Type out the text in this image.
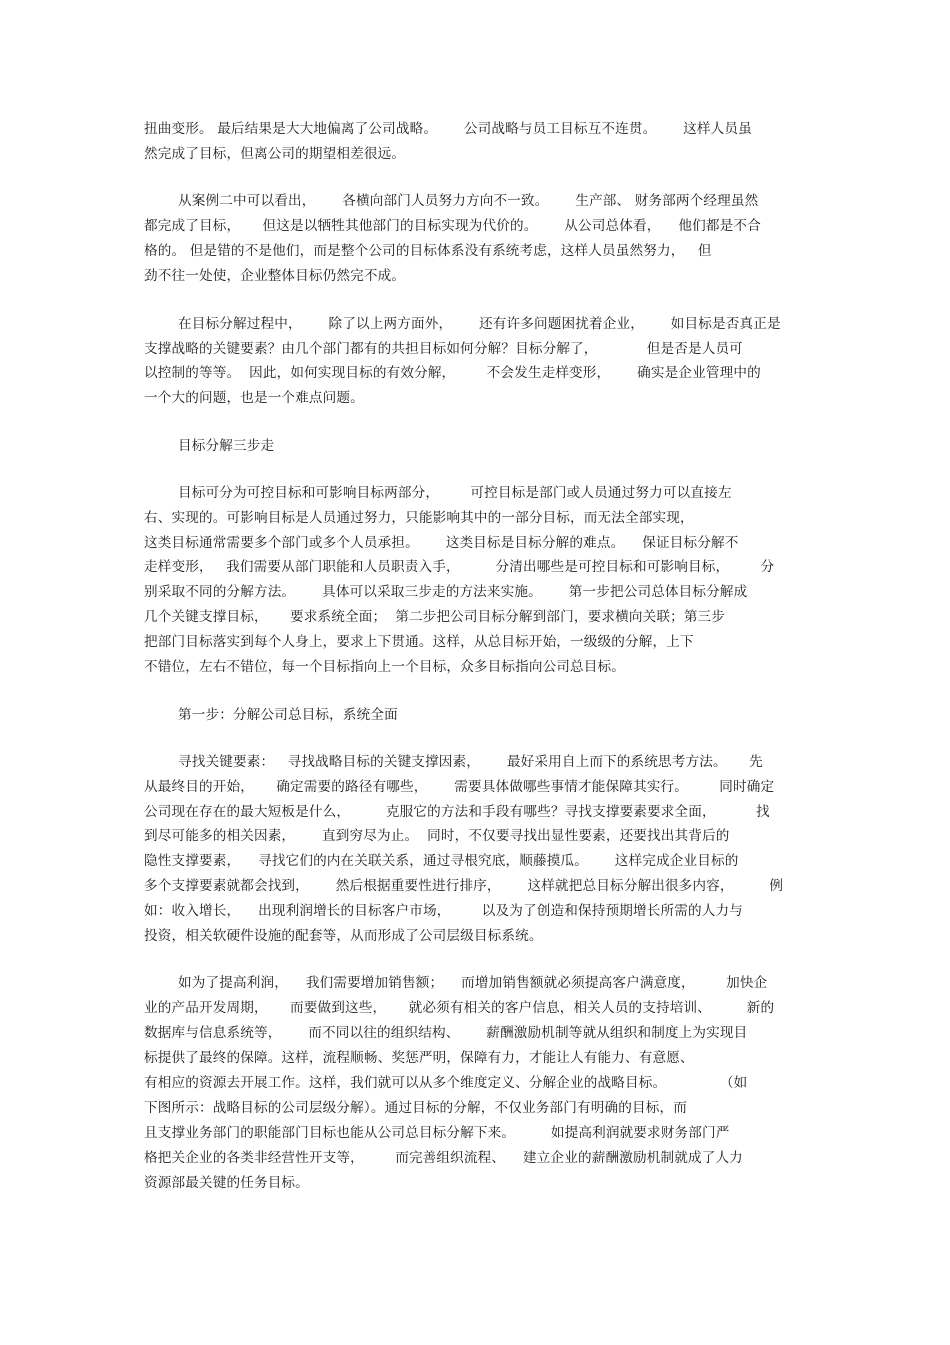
扭曲变形。 最后结果是大大地偏离了公司战略。      公司战略与员工目标互不连贯。      这样人员虽
然完成了目标，但离公司的期望相差很远。
从案例二中可以看出，      各横向部门人员努力方向不一致。      生产部、 财务部两个经理虽然
都完成了目标，     但这是以牺牲其他部门的目标实现为代价的。      从公司总体看，    他们都是不合
格的。 但是错的不是他们，而是整个公司的目标体系没有系统考虑，这样人员虽然努力，   但
劲不往一处使，企业整体目标仍然完不成。
在目标分解过程中，      除了以上两方面外，      还有许多问题困扰着企业，      如目标是否真正是
支撑战略的关键要素？由几个部门都有的共担目标如何分解？目标分解了，           但是否是人员可
以控制的等等。  因此，如何实现目标的有效分解，       不会发生走样变形，      确实是企业管理中的
一个大的问题，也是一个难点问题。
目标分解三步走
目标可分为可控目标和可影响目标两部分，       可控目标是部门或人员通过努力可以直接左
右、实现的。可影响目标是人员通过努力，只能影响其中的一部分目标，而无法全部实现，
这类目标通常需要多个部门或多个人员承担。      这类目标是目标分解的难点。    保证目标分解不
走样变形，   我们需要从部门职能和人员职责入手，        分清出哪些是可控目标和可影响目标，       分
别采取不同的分解方法。      具体可以采取三步走的方法来实施。      第一步把公司总体目标分解成
几个关键支撑目标，     要求系统全面；  第二步把公司目标分解到部门，要求横向关联；第三步
把部门目标落实到每个人身上，要求上下贯通。这样，从总目标开始，一级级的分解，上下
不错位，左右不错位，每一个目标指向上一个目标，众多目标指向公司总目标。
第一步：分解公司总目标，系统全面
寻找关键要素：   寻找战略目标的关键支撑因素，      最好采用自上而下的系统思考方法。     先
从最终目的开始，     确定需要的路径有哪些，      需要具体做哪些事情才能保障其实行。       同时确定
公司现在存在的最大短板是什么，        克服它的方法和手段有哪些？寻找支撑要素要求全面，         找
到尽可能多的相关因素，      直到穷尽为止。  同时，不仅要寻找出显性要素，还要找出其背后的
隐性支撑要素，    寻找它们的内在关联关系，通过寻根究底，顺藤摸瓜。      这样完成企业目标的
多个支撑要素就都会找到，      然后根据重要性进行排序，      这样就把总目标分解出很多内容，        例
如：收入增长，    出现利润增长的目标客户市场，       以及为了创造和保持预期增长所需的人力与
投资，相关软硬件设施的配套等，从而形成了公司层级目标系统。
如为了提高利润，    我们需要增加销售额；    而增加销售额就必须提高客户满意度，       加快企
业的产品开发周期，     而要做到这些，     就必须有相关的客户信息，相关人员的支持培训、        新的
数据库与信息系统等，      而不同以往的组织结构、      薪酬激励机制等就从组织和制度上为实现目
标提供了最终的保障。这样，流程顺畅、奖惩严明，保障有力，才能让人有能力、有意愿、
有相应的资源去开展工作。这样，我们就可以从多个维度定义、分解企业的战略目标。            （如
下图所示：战略目标的公司层级分解）。通过目标的分解，不仅业务部门有明确的目标，而
且支撑业务部门的职能部门目标也能从公司总目标分解下来。        如提高利润就要求财务部门严
格把关企业的各类非经营性开支等，       而完善组织流程、    建立企业的薪酬激励机制就成了人力
资源部最关键的任务目标。
